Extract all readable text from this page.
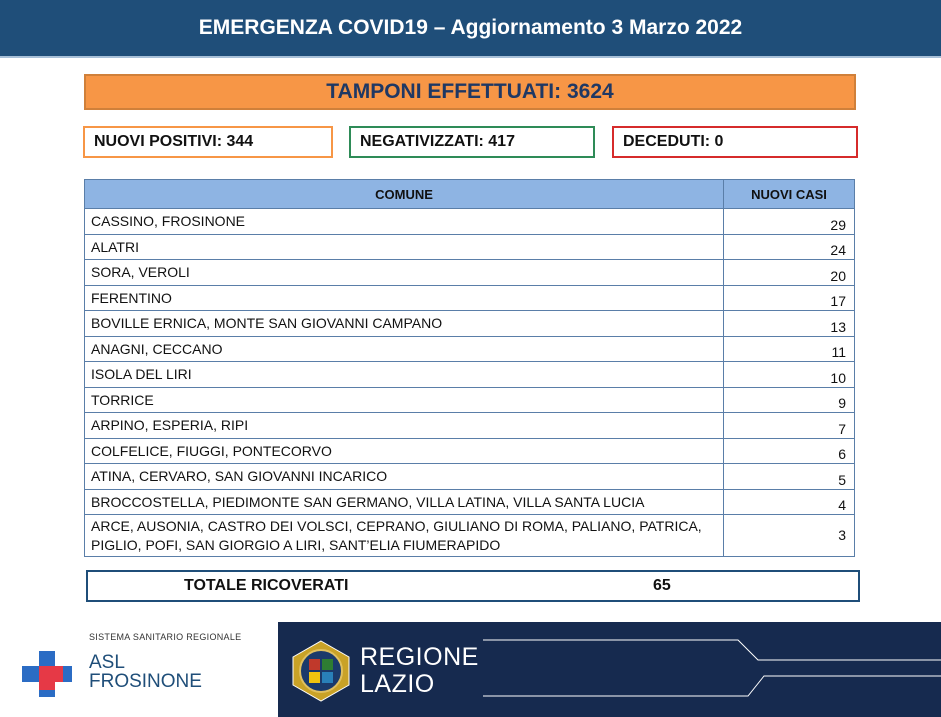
EMERGENZA COVID19 – Aggiornamento 3 Marzo 2022
TAMPONI EFFETTUATI: 3624
NUOVI POSITIVI: 344	NEGATIVIZZATI: 417	DECEDUTI: 0
COMUNE	NUOVI CASI
CASSINO, FROSINONE	29
ALATRI	24
SORA, VEROLI	20
FERENTINO	17
BOVILLE ERNICA, MONTE SAN GIOVANNI CAMPANO	13
ANAGNI, CECCANO	11
ISOLA DEL LIRI	10
TORRICE	9
ARPINO, ESPERIA, RIPI	7
COLFELICE, FIUGGI, PONTECORVO	6
ATINA, CERVARO, SAN GIOVANNI INCARICO	5
BROCCOSTELLA, PIEDIMONTE SAN GERMANO, VILLA LATINA, VILLA SANTA LUCIA	4
ARCE, AUSONIA, CASTRO DEI VOLSCI, CEPRANO, GIULIANO DI ROMA, PALIANO, PATRICA, PIGLIO, POFI, SAN GIORGIO A LIRI, SANT’ELIA FIUMERAPIDO	3
TOTALE RICOVERATI	65
SISTEMA SANITARIO REGIONALE
ASL
FROSINONE
REGIONE
LAZIO
